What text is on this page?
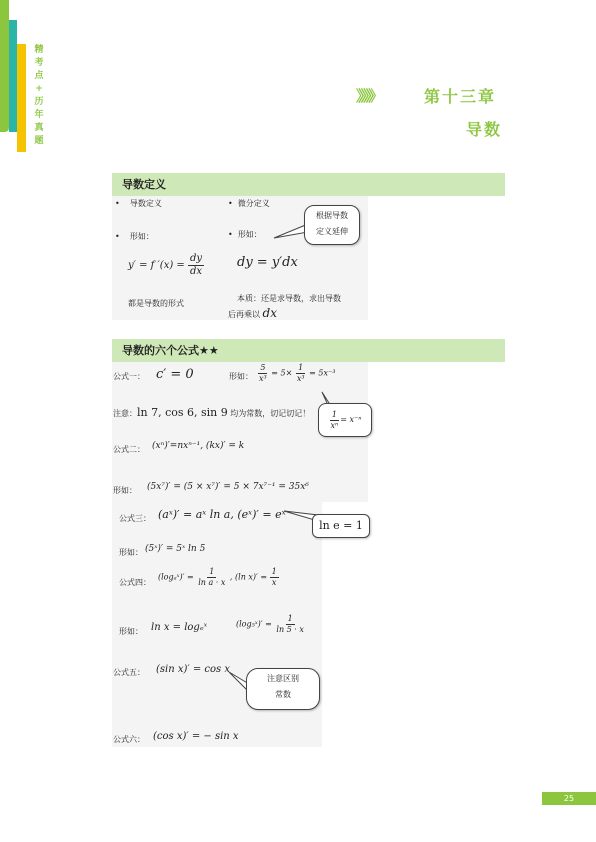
精
考
点
+
历
年
真
题
》》》》》》	第十三章
导数
导数定义
•    导数定义
•    形如：
y′ = f $'(x) = \frac{dy}{dx}$
都是导数的形式
•  微分定义
•  形如：
dy = y′dx
本质：还是求导数，求出导数
后再乘以 dx
根据导数
定义延伸
导数的六个公式★★
公式一： c′ = 0	形如： $\frac{5}{\text{x³}} = 5\times \frac{1}{\text{x³}} = 5x^{-3}$
注意：ln 7, cos 6, sin 9 均为常数，切记切记！ $\frac{1}{\text{xⁿ}} = x^{-n}$
公式二： (xⁿ)′=nxⁿ⁻¹, (kx)′ = k
形如： (5x⁷)′ = (5 × x⁷)′ = 5 × 7x⁷⁻¹ = 35x⁶
公式三： (aˣ)′ = aˣ ln a, (eˣ)′ = eˣ
ln e = 1
形如： (5ˣ)′ = 5ˣ ln 5
公式四：
(logₐˣ)′ = $\frac{1}{\text{ln a · x}}$ , (ln $x)' = \frac{1}{x}$
形如： ln x = logₑˣ	(log₅ˣ)′ = $\frac{1}{\ln 5 \cdot x}$
公式五： (sin x)′ = cos x
注意区别
常数
公式六： (cos x)′ = − sin x
25
